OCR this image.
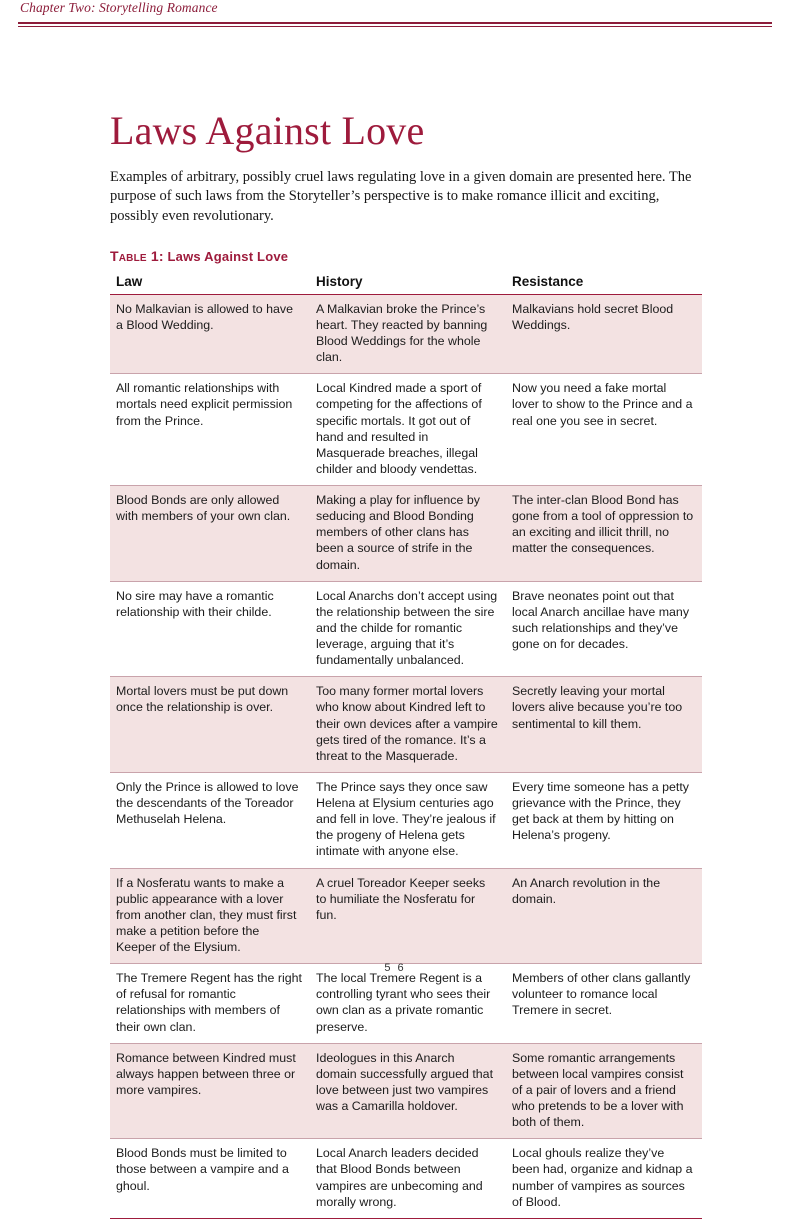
Chapter Two: Storytelling Romance
Laws Against Love

Examples of arbitrary, possibly cruel laws regulating love in a given domain are presented here. The purpose of such laws from the Storyteller’s perspective is to make romance illicit and exciting, possibly even revolutionary.

Table 1: Laws Against Love
Law	History	Resistance
No Malkavian is allowed to have a Blood Wedding.	A Malkavian broke the Prince’s heart. They reacted by banning Blood Weddings for the whole clan.	Malkavians hold secret Blood Weddings.
All romantic relationships with mortals need explicit permission from the Prince.	Local Kindred made a sport of competing for the affections of specific mortals. It got out of hand and resulted in Masquerade breaches, illegal childer and bloody vendettas.	Now you need a fake mortal lover to show to the Prince and a real one you see in secret.
Blood Bonds are only allowed with members of your own clan.	Making a play for influence by seducing and Blood Bonding members of other clans has been a source of strife in the domain.	The inter-clan Blood Bond has gone from a tool of oppression to an exciting and illicit thrill, no matter the consequences.
No sire may have a romantic relationship with their childe.	Local Anarchs don’t accept using the relationship between the sire and the childe for romantic leverage, arguing that it’s fundamentally unbalanced.	Brave neonates point out that local Anarch ancillae have many such relationships and they’ve gone on for decades.
Mortal lovers must be put down once the relationship is over.	Too many former mortal lovers who know about Kindred left to their own devices after a vampire gets tired of the romance. It’s a threat to the Masquerade.	Secretly leaving your mortal lovers alive because you’re too sentimental to kill them.
Only the Prince is allowed to love the descendants of the Toreador Methuselah Helena.	The Prince says they once saw Helena at Elysium centuries ago and fell in love. They’re jealous if the progeny of Helena gets intimate with anyone else.	Every time someone has a petty grievance with the Prince, they get back at them by hitting on Helena’s progeny.
If a Nosferatu wants to make a public appearance with a lover from another clan, they must first make a petition before the Keeper of the Elysium.	A cruel Toreador Keeper seeks to humiliate the Nosferatu for fun.	An Anarch revolution in the domain.
The Tremere Regent has the right of refusal for romantic relationships with members of their own clan.	The local Tremere Regent is a controlling tyrant who sees their own clan as a private romantic preserve.	Members of other clans gallantly volunteer to romance local Tremere in secret.
Romance between Kindred must always happen between three or more vampires.	Ideologues in this Anarch domain successfully argued that love between just two vampires was a Camarilla holdover.	Some romantic arrangements between local vampires consist of a pair of lovers and a friend who pretends to be a lover with both of them.
Blood Bonds must be limited to those between a vampire and a ghoul.	Local Anarch leaders decided that Blood Bonds between vampires are unbecoming and morally wrong.	Local ghouls realize they’ve been had, organize and kidnap a number of vampires as sources of Blood.
5 6
